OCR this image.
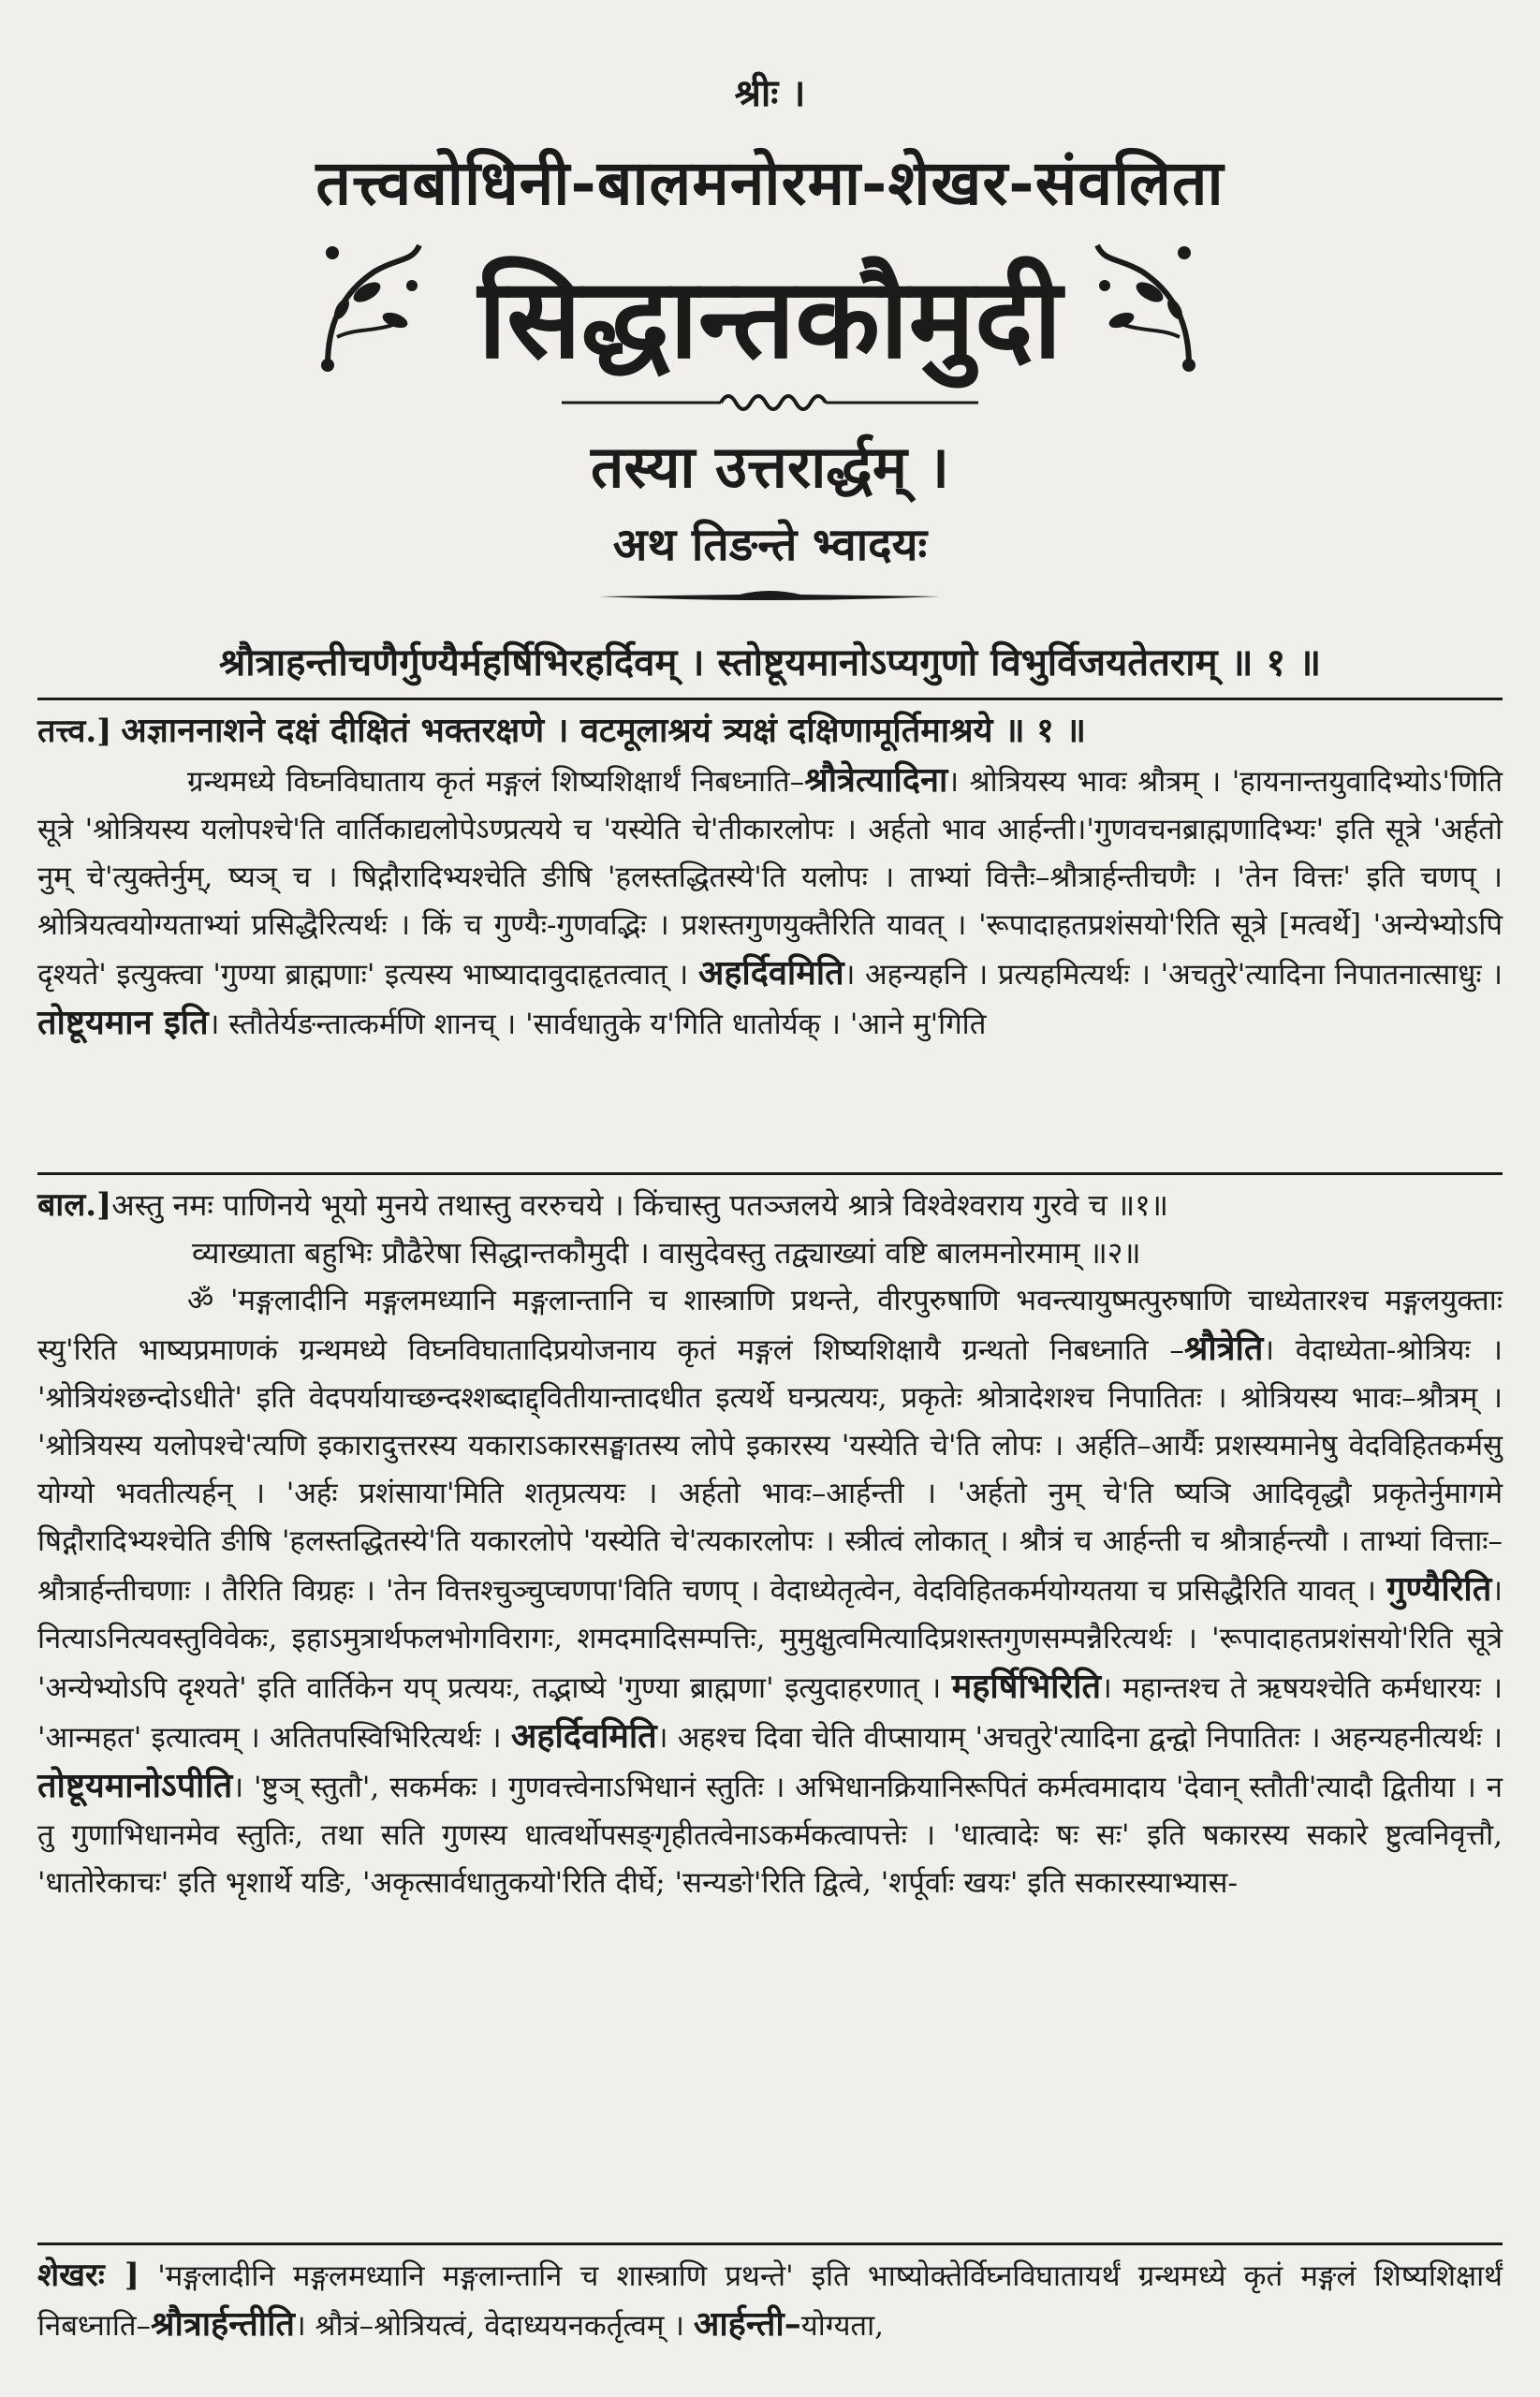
श्रीः ।
तत्त्वबोधिनी-बालमनोरमा-शेखर-संवलिता
सिद्धान्तकौमुदी
तस्या उत्तरार्द्धम् ।
अथ तिङन्ते भ्वादयः
श्रौत्राहन्तीचणैर्गुण्यैर्महर्षिभिरहर्दिवम् । स्तोष्टूयमानोऽप्यगुणो विभुर्विजयतेतराम् ॥ १ ॥

तत्त्व.] अज्ञाननाशने दक्षं दीक्षितं भक्तरक्षणे । वटमूलाश्रयं त्र्यक्षं दक्षिणामूर्तिमाश्रये ॥ १ ॥

ग्रन्थमध्ये विघ्नविघाताय कृतं मङ्गलं शिष्यशिक्षार्थं निबध्नाति–श्रौत्रेत्यादिना। श्रोत्रियस्य भावः श्रौत्रम् । 'हायनान्तयुवादिभ्योऽ'णिति सूत्रे 'श्रोत्रियस्य यलोपश्चे'ति वार्तिकाद्यलोपेऽण्प्रत्यये च 'यस्येति चे'तीकारलोपः । अर्हतो भाव आर्हन्ती।'गुणवचनब्राह्मणादिभ्यः' इति सूत्रे 'अर्हतो नुम् चे'त्युक्तेर्नुम्, ष्यञ् च । षिद्गौरादिभ्यश्चेति ङीषि 'हलस्तद्धितस्ये'ति यलोपः । ताभ्यां वित्तैः–श्रौत्रार्हन्तीचणैः । 'तेन वित्तः' इति चणप् । श्रोत्रियत्वयोग्यताभ्यां प्रसिद्धैरित्यर्थः । किं च गुण्यैः-गुणवद्भिः । प्रशस्तगुणयुक्तैरिति यावत् । 'रूपादाहतप्रशंसयो'रिति सूत्रे [मत्वर्थे] 'अन्येभ्योऽपि दृश्यते' इत्युक्त्वा 'गुण्या ब्राह्मणाः' इत्यस्य भाष्यादावुदाहृतत्वात् । अहर्दिवमिति। अहन्यहनि । प्रत्यहमित्यर्थः । 'अचतुरे'त्यादिना निपातनात्साधुः । तोष्टूयमान इति। स्तौतेर्यङन्तात्कर्मणि शानच् । 'सार्वधातुके य'गिति धातोर्यक् । 'आने मु'गिति

बाल.]अस्तु नमः पाणिनये भूयो मुनये तथास्तु वररुचये । किंचास्तु पतञ्जलये श्रात्रे विश्वेश्वराय गुरवे च ॥१॥

व्याख्याता बहुभिः प्रौढैरेषा सिद्धान्तकौमुदी । वासुदेवस्तु तद्व्याख्यां वष्टि बालमनोरमाम् ॥२॥

ॐ 'मङ्गलादीनि मङ्गलमध्यानि मङ्गलान्तानि च शास्त्राणि प्रथन्ते, वीरपुरुषाणि भवन्त्यायुष्मत्पुरुषाणि चाध्येतारश्च मङ्गलयुक्ताः स्यु'रिति भाष्यप्रमाणकं ग्रन्थमध्ये विघ्नविघातादिप्रयोजनाय कृतं मङ्गलं शिष्यशिक्षायै ग्रन्थतो निबध्नाति –श्रौत्रेति। वेदाध्येता-श्रोत्रियः । 'श्रोत्रियंश्छन्दोऽधीते' इति वेदपर्यायाच्छन्दश्शब्दाद्द्वितीयान्तादधीत इत्यर्थे घन्प्रत्ययः, प्रकृतेः श्रोत्रादेशश्च निपातितः । श्रोत्रियस्य भावः–श्रौत्रम् । 'श्रोत्रियस्य यलोपश्चे'त्यणि इकारादुत्तरस्य यकाराऽकारसङ्घातस्य लोपे इकारस्य 'यस्येति चे'ति लोपः । अर्हति–आर्यैः प्रशस्यमानेषु वेदविहितकर्मसु योग्यो भवतीत्यर्हन् । 'अर्हः प्रशंसाया'मिति शतृप्रत्ययः । अर्हतो भावः–आर्हन्ती । 'अर्हतो नुम् चे'ति ष्यञि आदिवृद्धौ प्रकृतेर्नुमागमे षिद्गौरादिभ्यश्चेति ङीषि 'हलस्तद्धितस्ये'ति यकारलोपे 'यस्येति चे'त्यकारलोपः । स्त्रीत्वं लोकात् । श्रौत्रं च आर्हन्ती च श्रौत्रार्हन्त्यौ । ताभ्यां वित्ताः–श्रौत्रार्हन्तीचणाः । तैरिति विग्रहः । 'तेन वित्तश्चुञ्चुप्चणपा'विति चणप् । वेदाध्येतृत्वेन, वेदविहितकर्मयोग्यतया च प्रसिद्धैरिति यावत् । गुण्यैरिति। नित्याऽनित्यवस्तुविवेकः, इहाऽमुत्रार्थफलभोगविरागः, शमदमादिसम्पत्तिः, मुमुक्षुत्वमित्यादिप्रशस्तगुणसम्पन्नैरित्यर्थः । 'रूपादाहतप्रशंसयो'रिति सूत्रे 'अन्येभ्योऽपि दृश्यते' इति वार्तिकेन यप् प्रत्ययः, तद्भाष्ये 'गुण्या ब्राह्मणा' इत्युदाहरणात् । महर्षिभिरिति। महान्तश्च ते ऋषयश्चेति कर्मधारयः । 'आन्महत' इत्यात्वम् । अतितपस्विभिरित्यर्थः । अहर्दिवमिति। अहश्च दिवा चेति वीप्सायाम् 'अचतुरे'त्यादिना द्वन्द्वो निपातितः । अहन्यहनीत्यर्थः । तोष्टूयमानोऽपीति। 'ष्टुञ् स्तुतौ', सकर्मकः । गुणवत्त्वेनाऽभिधानं स्तुतिः । अभिधानक्रियानिरूपितं कर्मत्वमादाय 'देवान् स्तौती'त्यादौ द्वितीया । न तु गुणाभिधानमेव स्तुतिः, तथा सति गुणस्य धात्वर्थोपसङ्गृहीतत्वेनाऽकर्मकत्वापत्तेः । 'धात्वादेः षः सः' इति षकारस्य सकारे ष्टुत्वनिवृत्तौ, 'धातोरेकाचः' इति भृशार्थे यङि, 'अकृत्सार्वधातुकयो'रिति दीर्घे; 'सन्यङो'रिति द्वित्वे, 'शर्पूर्वाः खयः' इति सकारस्याभ्यास-

शेखरः ] 'मङ्गलादीनि मङ्गलमध्यानि मङ्गलान्तानि च शास्त्राणि प्रथन्ते' इति भाष्योक्तेर्विघ्नविघातायर्थं ग्रन्थमध्ये कृतं मङ्गलं शिष्यशिक्षार्थं निबध्नाति–श्रौत्रार्हन्तीति। श्रौत्रं–श्रोत्रियत्वं, वेदाध्ययनकर्तृत्वम् । आर्हन्ती–योग्यता,
